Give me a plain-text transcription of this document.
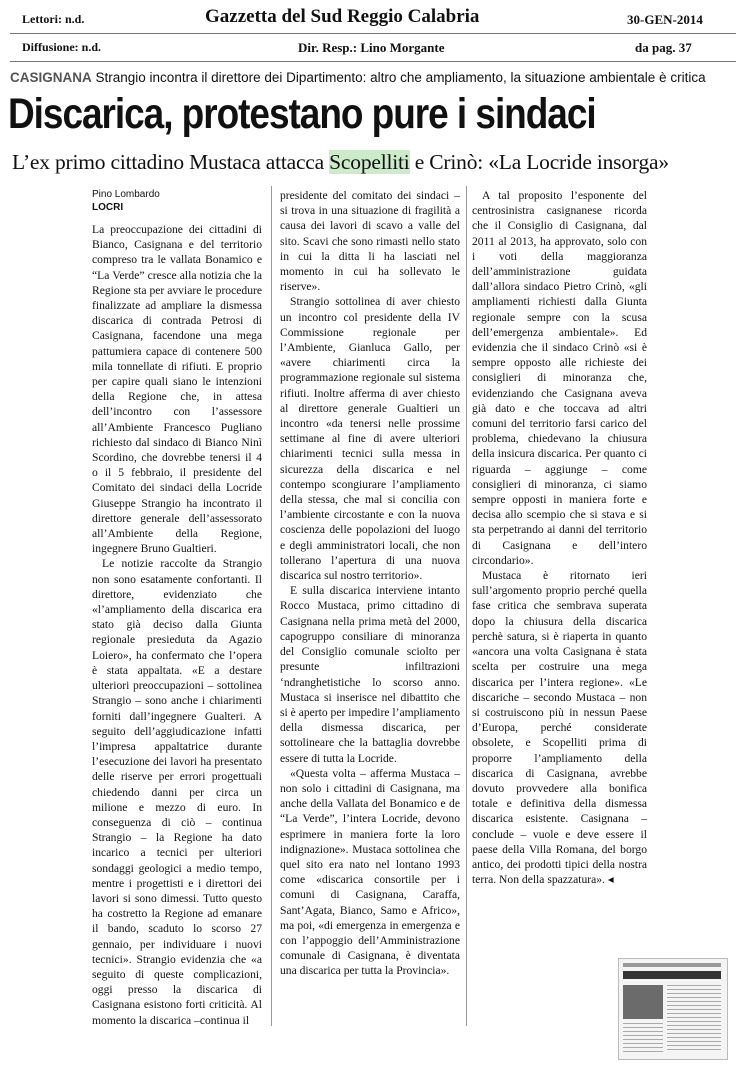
Lettori: n.d.
Diffusione: n.d.
Gazzetta del Sud Reggio Calabria
Dir. Resp.: Lino Morgante
30-GEN-2014
da pag. 37
CASIGNANA Strangio incontra il direttore dei Dipartimento: altro che ampliamento, la situazione ambientale è critica
Discarica, protestano pure i sindaci
L’ex primo cittadino Mustaca attacca Scopelliti e Crinò: «La Locride insorga»
Pino Lombardo
LOCRI

La preoccupazione dei cittadini di Bianco, Casignana e del territorio compreso tra le vallata Bonamico e “La Verde” cresce alla notizia che la Regione sta per avviare le procedure finalizzate ad ampliare la dismessa discarica di contrada Petrosi di Casignana, facendone una mega pattumiera capace di contenere 500 mila tonnellate di rifiuti. E proprio per capire quali siano le intenzioni della Regione che, in attesa dell’incontro con l’assessore all’Ambiente Francesco Pugliano richiesto dal sindaco di Bianco Ninì Scordino, che dovrebbe tenersi il 4 o il 5 febbraio, il presidente del Comitato dei sindaci della Locride Giuseppe Strangio ha incontrato il direttore generale dell’assessorato all’Ambiente della Regione, ingegnere Bruno Gualtieri.

Le notizie raccolte da Strangio non sono esatamente confortanti. Il direttore, evidenziato che «l’ampliamento della discarica era stato già deciso dalla Giunta regionale presieduta da Agazio Loiero», ha confermato che l’opera è stata appaltata. «E a destare ulteriori preoccupazioni – sottolinea Strangio – sono anche i chiarimenti forniti dall’ingegnere Gualteri. A seguito dell’aggiudicazione infatti l’impresa appaltatrice durante l’esecuzione dei lavori ha presentato delle riserve per errori progettuali chiedendo danni per circa un milione e mezzo di euro. In conseguenza di ciò – continua Strangio – la Regione ha dato incarico a tecnici per ulteriori sondaggi geologici a medio tempo, mentre i progettisti e i direttori dei lavori si sono dimessi. Tutto questo ha costretto la Regione ad emanare il bando, scaduto lo scorso 27 gennaio, per individuare i nuovi tecnici». Strangio evidenzia che «a seguito di queste complicazioni, oggi presso la discarica di Casignana esistono forti criticità. Al momento la discarica –continua il

presidente del comitato dei sindaci – si trova in una situazione di fragilità a causa dei lavori di scavo a valle del sito. Scavi che sono rimasti nello stato in cui la ditta li ha lasciati nel momento in cui ha sollevato le riserve».

Strangio sottolinea di aver chiesto un incontro col presidente della IV Commissione regionale per l’Ambiente, Gianluca Gallo, per «avere chiarimenti circa la programmazione regionale sul sistema rifiuti. Inoltre afferma di aver chiesto al direttore generale Gualtieri un incontro «da tenersi nelle prossime settimane al fine di avere ulteriori chiarimenti tecnici sulla messa in sicurezza della discarica e nel contempo scongiurare l’ampliamento della stessa, che mal si concilia con l’ambiente circostante e con la nuova coscienza delle popolazioni del luogo e degli amministratori locali, che non tollerano l’apertura di una nuova discarica sul nostro territorio».

E sulla discarica interviene intanto Rocco Mustaca, primo cittadino di Casignana nella prima metà del 2000, capogruppo consiliare di minoranza del Consiglio comunale sciolto per presunte infiltrazioni ‘ndranghetistiche lo scorso anno. Mustaca si inserisce nel dibattito che si è aperto per impedire l’ampliamento della dismessa discarica, per sottolineare che la battaglia dovrebbe essere di tutta la Locride.

«Questa volta – afferma Mustaca – non solo i cittadini di Casignana, ma anche della Vallata del Bonamico e de “La Verde”, l’intera Locride, devono esprimere in maniera forte la loro indignazione». Mustaca sottolinea che quel sito era nato nel lontano 1993 come «discarica consortile per i comuni di Casignana, Caraffa, Sant’Agata, Bianco, Samo e Africo», ma poi, «di emergenza in emergenza e con l’appoggio dell’Amministrazione comunale di Casignana, è diventata una discarica per tutta la Provincia».

A tal proposito l’esponente del centrosinistra casignanese ricorda che il Consiglio di Casignana, dal 2011 al 2013, ha approvato, solo con i voti della maggioranza dell’amministrazione guidata dall’allora sindaco Pietro Crinò, «gli ampliamenti richiesti dalla Giunta regionale sempre con la scusa dell’emergenza ambientale». Ed evidenzia che il sindaco Crinò «si è sempre opposto alle richieste dei consiglieri di minoranza che, evidenziando che Casignana aveva già dato e che toccava ad altri comuni del territorio farsi carico del problema, chiedevano la chiusura della insicura discarica. Per quanto ci riguarda – aggiunge – come consiglieri di minoranza, ci siamo sempre opposti in maniera forte e decisa allo scempio che si stava e si sta perpetrando ai danni del territorio di Casignana e dell’intero circondario».

Mustaca è ritornato ieri sull’argomento proprio perché quella fase critica che sembrava superata dopo la chiusura della discarica perchè satura, si è riaperta in quanto «ancora una volta Casignana è stata scelta per costruire una mega discarica per l’intera regione». «Le discariche – secondo Mustaca – non si costruiscono più in nessun Paese d’Europa, perché considerate obsolete, e Scopelliti prima di proporre l’ampliamento della discarica di Casignana, avrebbe dovuto provvedere alla bonifica totale e definitiva della dismessa discarica esistente. Casignana – conclude – vuole e deve essere il paese della Villa Romana, del borgo antico, dei prodotti tipici della nostra terra. Non della spazzatura». ◂
